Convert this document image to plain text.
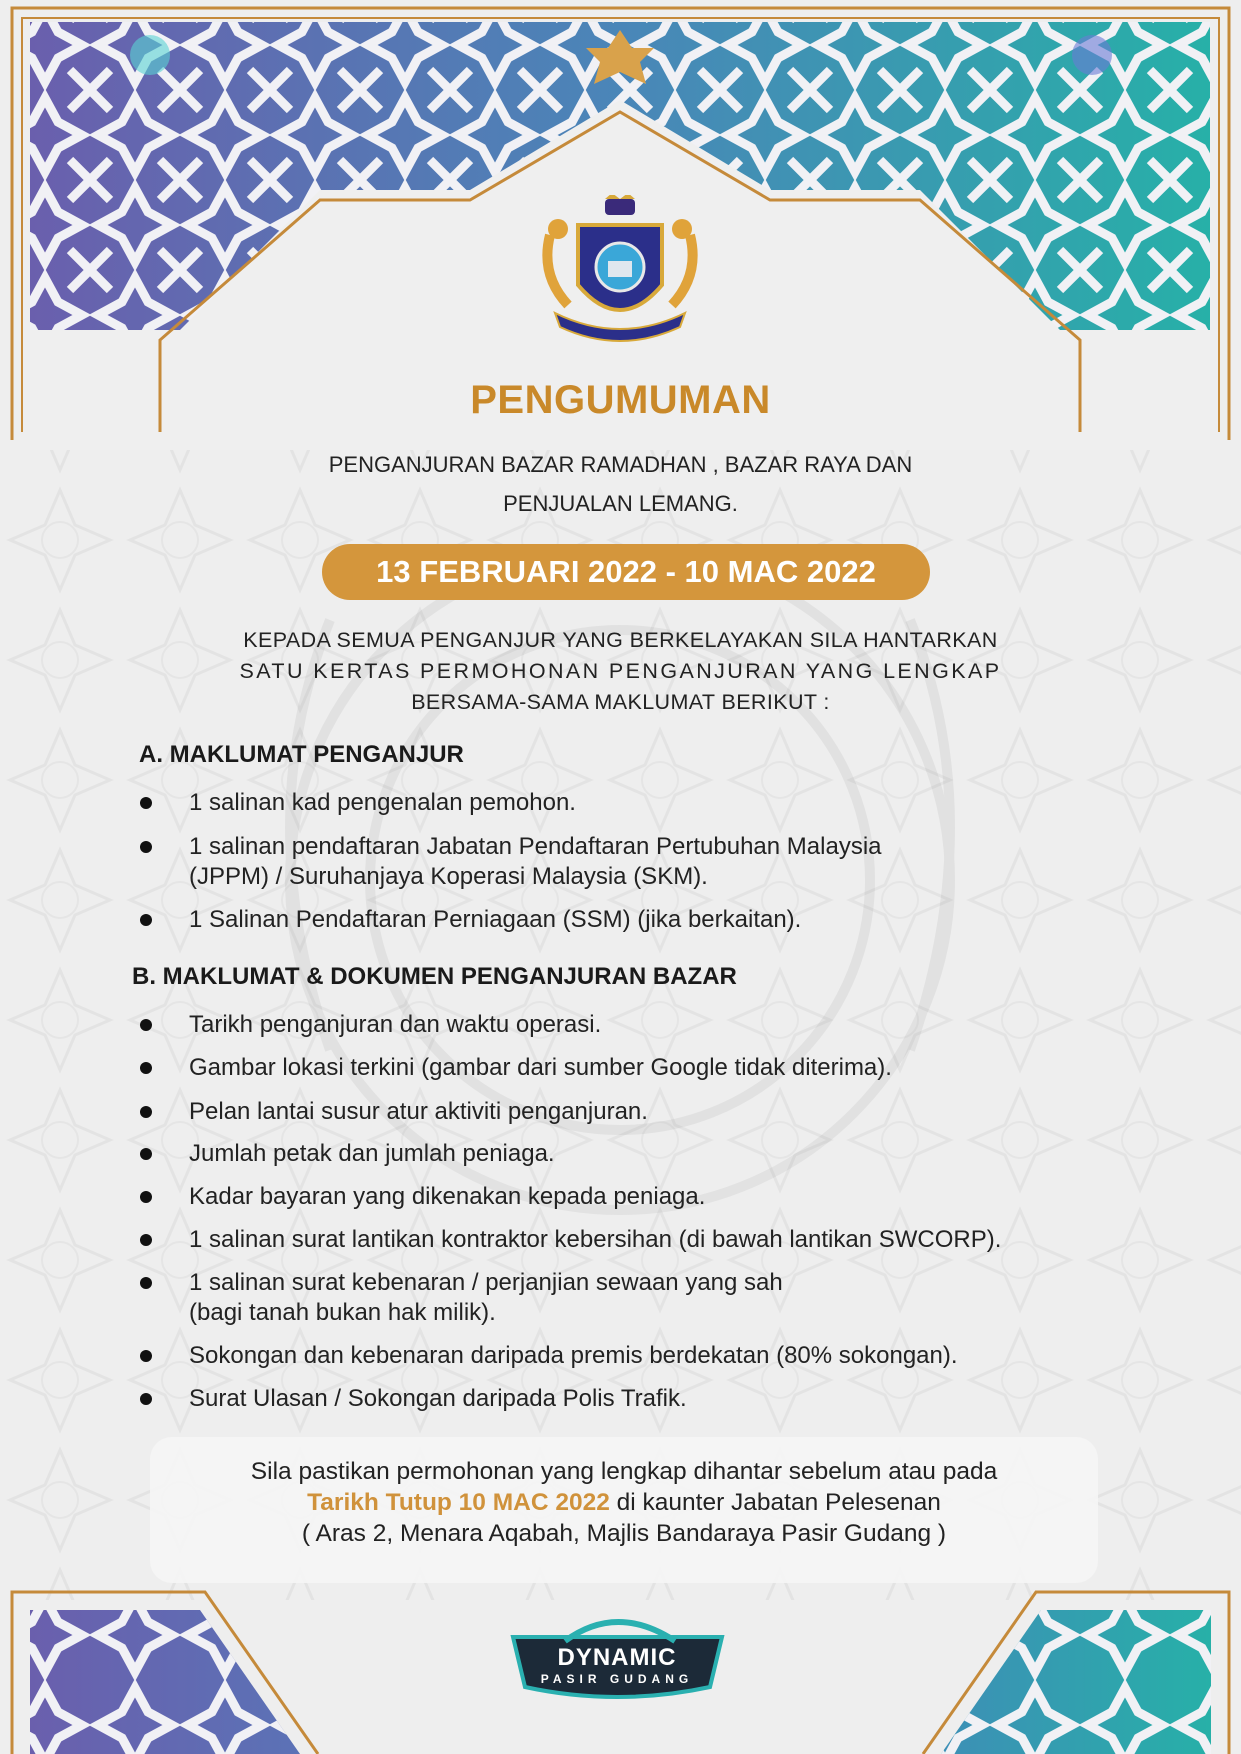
PENGUMUMAN
PENGANJURAN BAZAR RAMADHAN , BAZAR RAYA DAN
PENJUALAN LEMANG.
13 FEBRUARI 2022 - 10 MAC 2022
KEPADA SEMUA PENGANJUR YANG BERKELAYAKAN SILA HANTARKAN
SATU KERTAS PERMOHONAN PENGANJURAN YANG LENGKAP
BERSAMA-SAMA MAKLUMAT BERIKUT :
A. MAKLUMAT PENGANJUR
1 salinan kad pengenalan pemohon.
1 salinan pendaftaran Jabatan Pendaftaran Pertubuhan Malaysia
(JPPM) / Suruhanjaya Koperasi Malaysia (SKM).
1 Salinan Pendaftaran Perniagaan (SSM) (jika berkaitan).
B. MAKLUMAT & DOKUMEN PENGANJURAN BAZAR
Tarikh penganjuran dan waktu operasi.
Gambar lokasi terkini (gambar dari sumber Google tidak diterima).
Pelan lantai susur atur aktiviti penganjuran.
Jumlah petak dan jumlah peniaga.
Kadar bayaran yang dikenakan kepada peniaga.
1 salinan surat lantikan kontraktor kebersihan (di bawah lantikan SWCORP).
1 salinan surat kebenaran / perjanjian sewaan yang sah
(bagi tanah bukan hak milik).
Sokongan dan kebenaran daripada premis berdekatan (80% sokongan).
Surat Ulasan / Sokongan daripada Polis Trafik.
Sila pastikan permohonan yang lengkap dihantar sebelum atau pada
Tarikh Tutup 10 MAC 2022 di kaunter Jabatan Pelesenan
( Aras 2, Menara Aqabah, Majlis Bandaraya Pasir Gudang )
DYNAMIC
PASIR GUDANG
